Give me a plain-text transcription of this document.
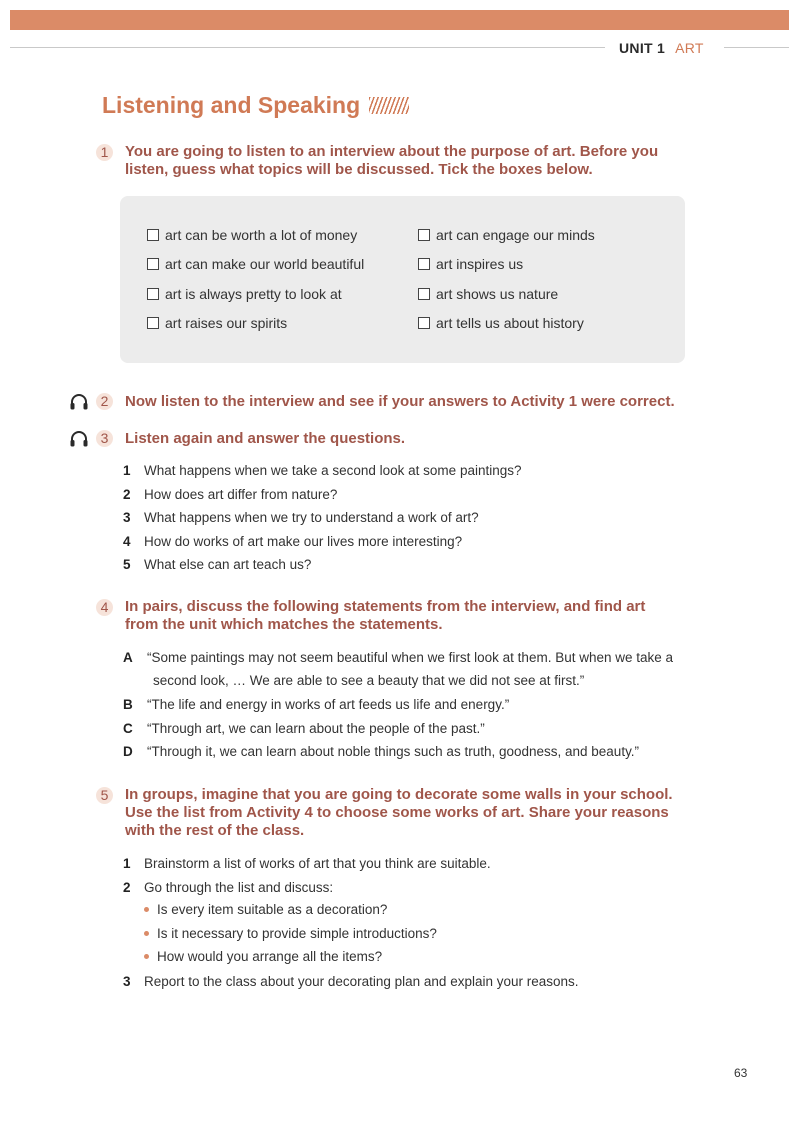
UNIT 1 ART
Listening and Speaking
1	You are going to listen to an interview about the purpose of art. Before you
listen, guess what topics will be discussed. Tick the boxes below.
art can be worth a lot of money
art can make our world beautiful
art is always pretty to look at
art raises our spirits
art can engage our minds
art inspires us
art shows us nature
art tells us about history
2	Now listen to the interview and see if your answers to Activity 1 were correct.
3	Listen again and answer the questions.
1 What happens when we take a second look at some paintings?
2 How does art differ from nature?
3 What happens when we try to understand a work of art?
4 How do works of art make our lives more interesting?
5 What else can art teach us?
4	In pairs, discuss the following statements from the interview, and find art
from the unit which matches the statements.
A “Some paintings may not seem beautiful when we first look at them. But when we take a
second look, … We are able to see a beauty that we did not see at first.”
B “The life and energy in works of art feeds us life and energy.”
C “Through art, we can learn about the people of the past.”
D “Through it, we can learn about noble things such as truth, goodness, and beauty.”
5	In groups, imagine that you are going to decorate some walls in your school.
Use the list from Activity 4 to choose some works of art. Share your reasons
with the rest of the class.
1 Brainstorm a list of works of art that you think are suitable.
2 Go through the list and discuss:
Is every item suitable as a decoration?
Is it necessary to provide simple introductions?
How would you arrange all the items?
3 Report to the class about your decorating plan and explain your reasons.
63
